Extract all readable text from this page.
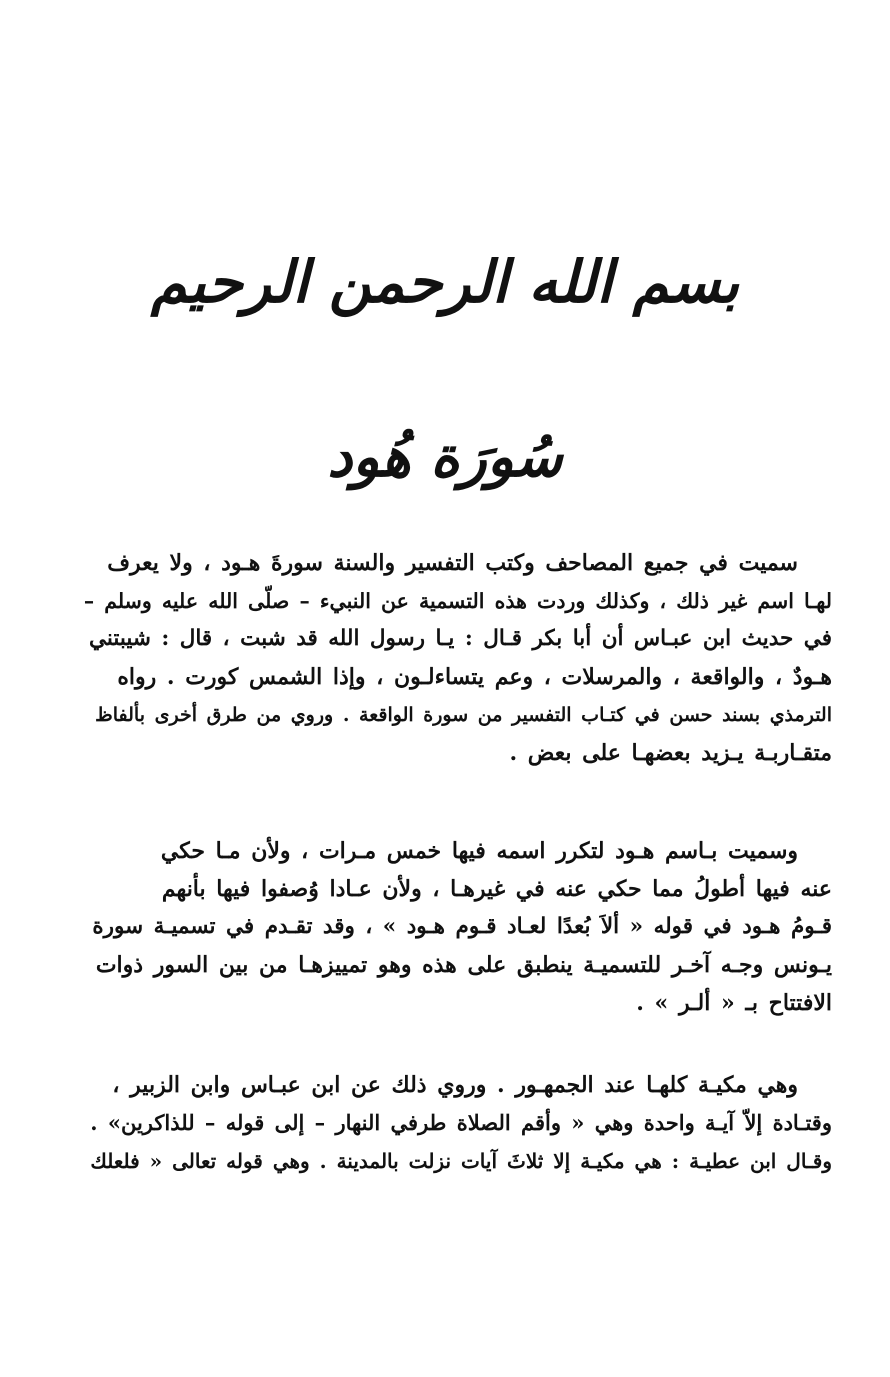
بسم الله الرحمن الرحيم
سُورَة هُود
سميت في جميع المصاحف وكتب التفسير والسنة سورةَ هـود ، ولا يعرف
لهـا اسم غير ذلك ، وكذلك وردت هذه التسمية عن النبيء – صلّى الله عليه وسلم –
في حديث ابن عبـاس أن أبا بكر قـال : يـا رسول الله قد شبت ، قال : شيبتني
هـودٌ ، والواقعة ، والمرسلات ، وعم يتساءلـون ، وإذا الشمس كورت . رواه
الترمذي بسند حسن في كتـاب التفسير من سورة الواقعة . وروي من طرق أخرى بألفاظ
متقـاربـة يـزيد بعضهـا على بعض .
وسميت بـاسم هـود لتكرر اسمه فيها خمس مـرات ، ولأن مـا حكي
عنه فيها أطولُ مما حكي عنه في غيرهـا ، ولأن عـادا وُصفوا فيها بأنهم
قـومُ هـود في قوله « ألاَ بُعدًا لعـاد قـوم هـود » ، وقد تقـدم في تسميـة سورة
يـونس وجـه آخـر للتسميـة ينطبق على هذه وهو تمييزهـا من بين السور ذوات
الافتتاح بـ « ألـر » .
وهي مكيـة كلهـا عند الجمهـور . وروي ذلك عن ابن عبـاس وابن الزبير ،
وقتـادة إلاّ آيـة واحدة وهي « وأقم الصلاة طرفي النهار – إلى قوله – للذاكرين» .
وقـال ابن عطيـة : هي مكيـة إلا ثلاثَ آيات نزلت بالمدينة . وهي قوله تعالى « فلعلك
